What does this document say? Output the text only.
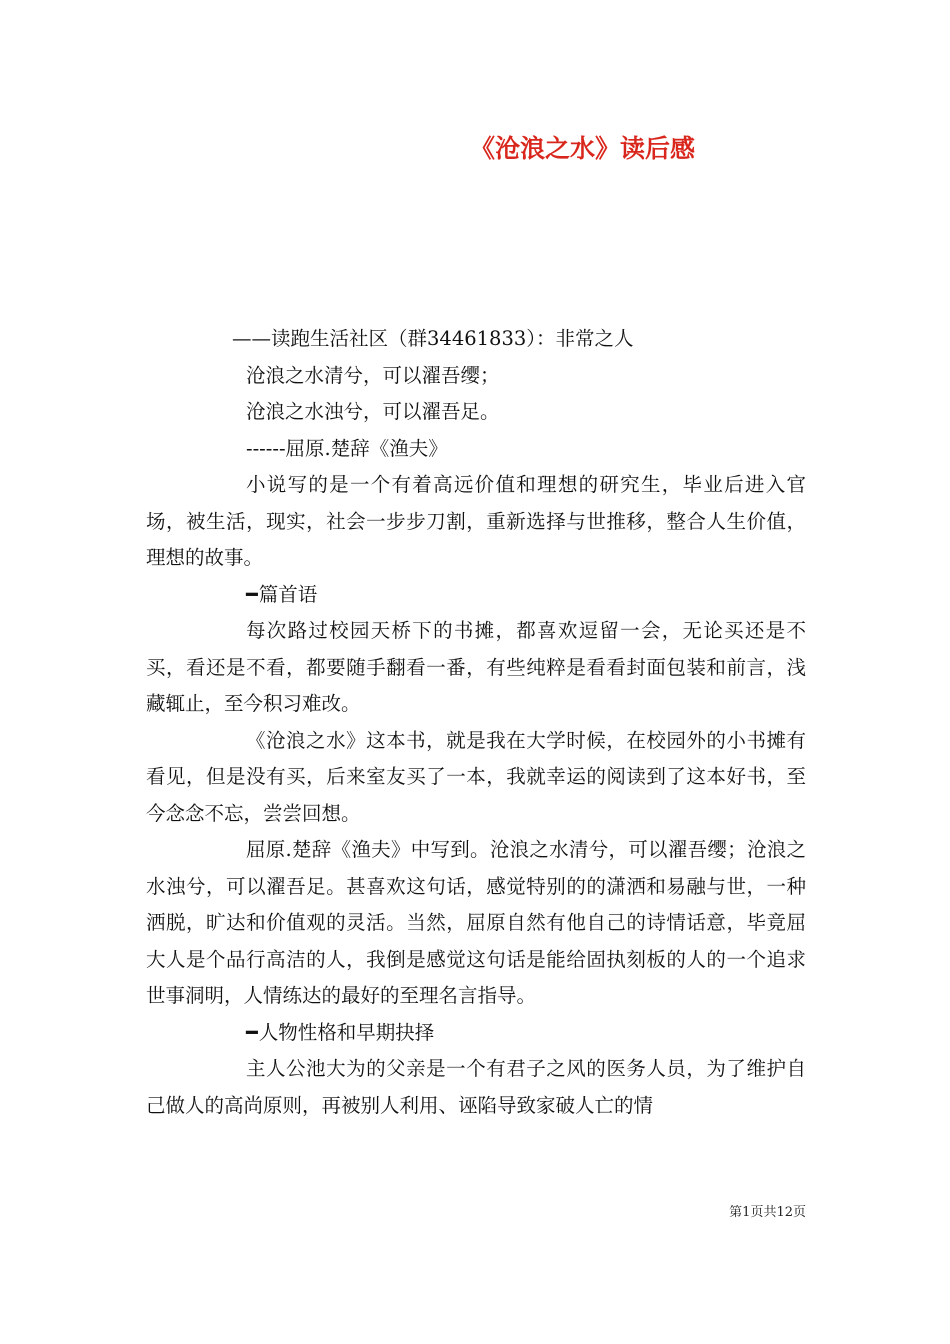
《沧浪之水》读后感
——读跑生活社区（群34461833）：非常之人
沧浪之水清兮，可以濯吾缨；
沧浪之水浊兮，可以濯吾足。
------屈原.楚辞《渔夫》
小说写的是一个有着高远价值和理想的研究生，毕业后进入官场，被生活，现实，社会一步步刀割，重新选择与世推移，整合人生价值，理想的故事。
━篇首语
每次路过校园天桥下的书摊，都喜欢逗留一会，无论买还是不买，看还是不看，都要随手翻看一番，有些纯粹是看看封面包装和前言，浅藏辄止，至今积习难改。
《沧浪之水》这本书，就是我在大学时候，在校园外的小书摊有看见，但是没有买，后来室友买了一本，我就幸运的阅读到了这本好书，至今念念不忘，尝尝回想。
屈原.楚辞《渔夫》中写到。沧浪之水清兮，可以濯吾缨；沧浪之水浊兮，可以濯吾足。甚喜欢这句话，感觉特别的的潇洒和易融与世，一种洒脱，旷达和价值观的灵活。当然，屈原自然有他自己的诗情话意，毕竟屈大人是个品行高洁的人，我倒是感觉这句话是能给固执刻板的人的一个追求世事洞明，人情练达的最好的至理名言指导。
━人物性格和早期抉择
主人公池大为的父亲是一个有君子之风的医务人员，为了维护自己做人的高尚原则，再被别人利用、诬陷导致家破人亡的情
第1页共12页
